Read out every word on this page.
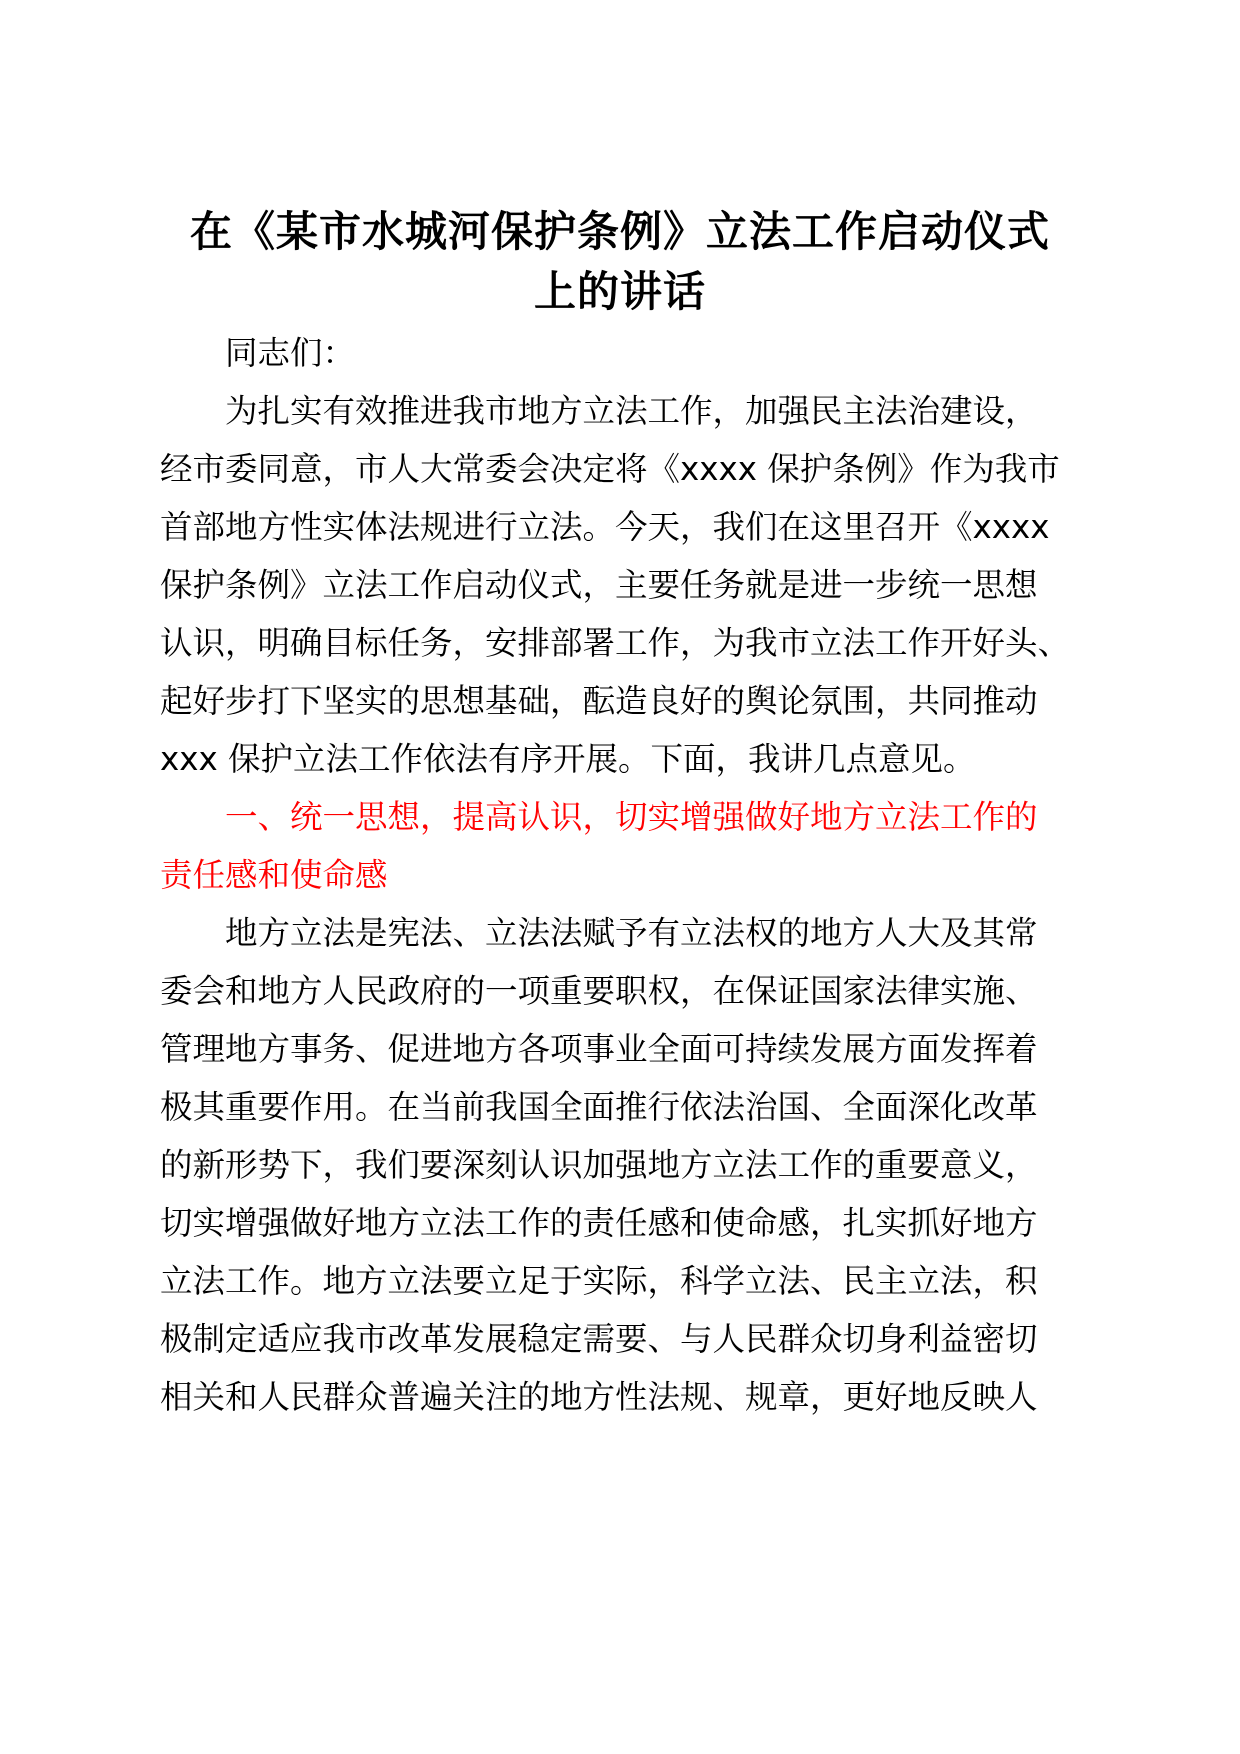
在《某市水城河保护条例》立法工作启动仪式
上的讲话
同志们：
为扎实有效推进我市地方立法工作，加强民主法治建设，
经市委同意，市人大常委会决定将《xxxx 保护条例》作为我市
首部地方性实体法规进行立法。今天，我们在这里召开《xxxx
保护条例》立法工作启动仪式，主要任务就是进一步统一思想
认识，明确目标任务，安排部署工作，为我市立法工作开好头、
起好步打下坚实的思想基础，酝造良好的舆论氛围，共同推动
xxx 保护立法工作依法有序开展。下面，我讲几点意见。
一、统一思想，提高认识，切实增强做好地方立法工作的
责任感和使命感
地方立法是宪法、立法法赋予有立法权的地方人大及其常
委会和地方人民政府的一项重要职权，在保证国家法律实施、
管理地方事务、促进地方各项事业全面可持续发展方面发挥着
极其重要作用。在当前我国全面推行依法治国、全面深化改革
的新形势下，我们要深刻认识加强地方立法工作的重要意义，
切实增强做好地方立法工作的责任感和使命感，扎实抓好地方
立法工作。地方立法要立足于实际，科学立法、民主立法，积
极制定适应我市改革发展稳定需要、与人民群众切身利益密切
相关和人民群众普遍关注的地方性法规、规章，更好地反映人
